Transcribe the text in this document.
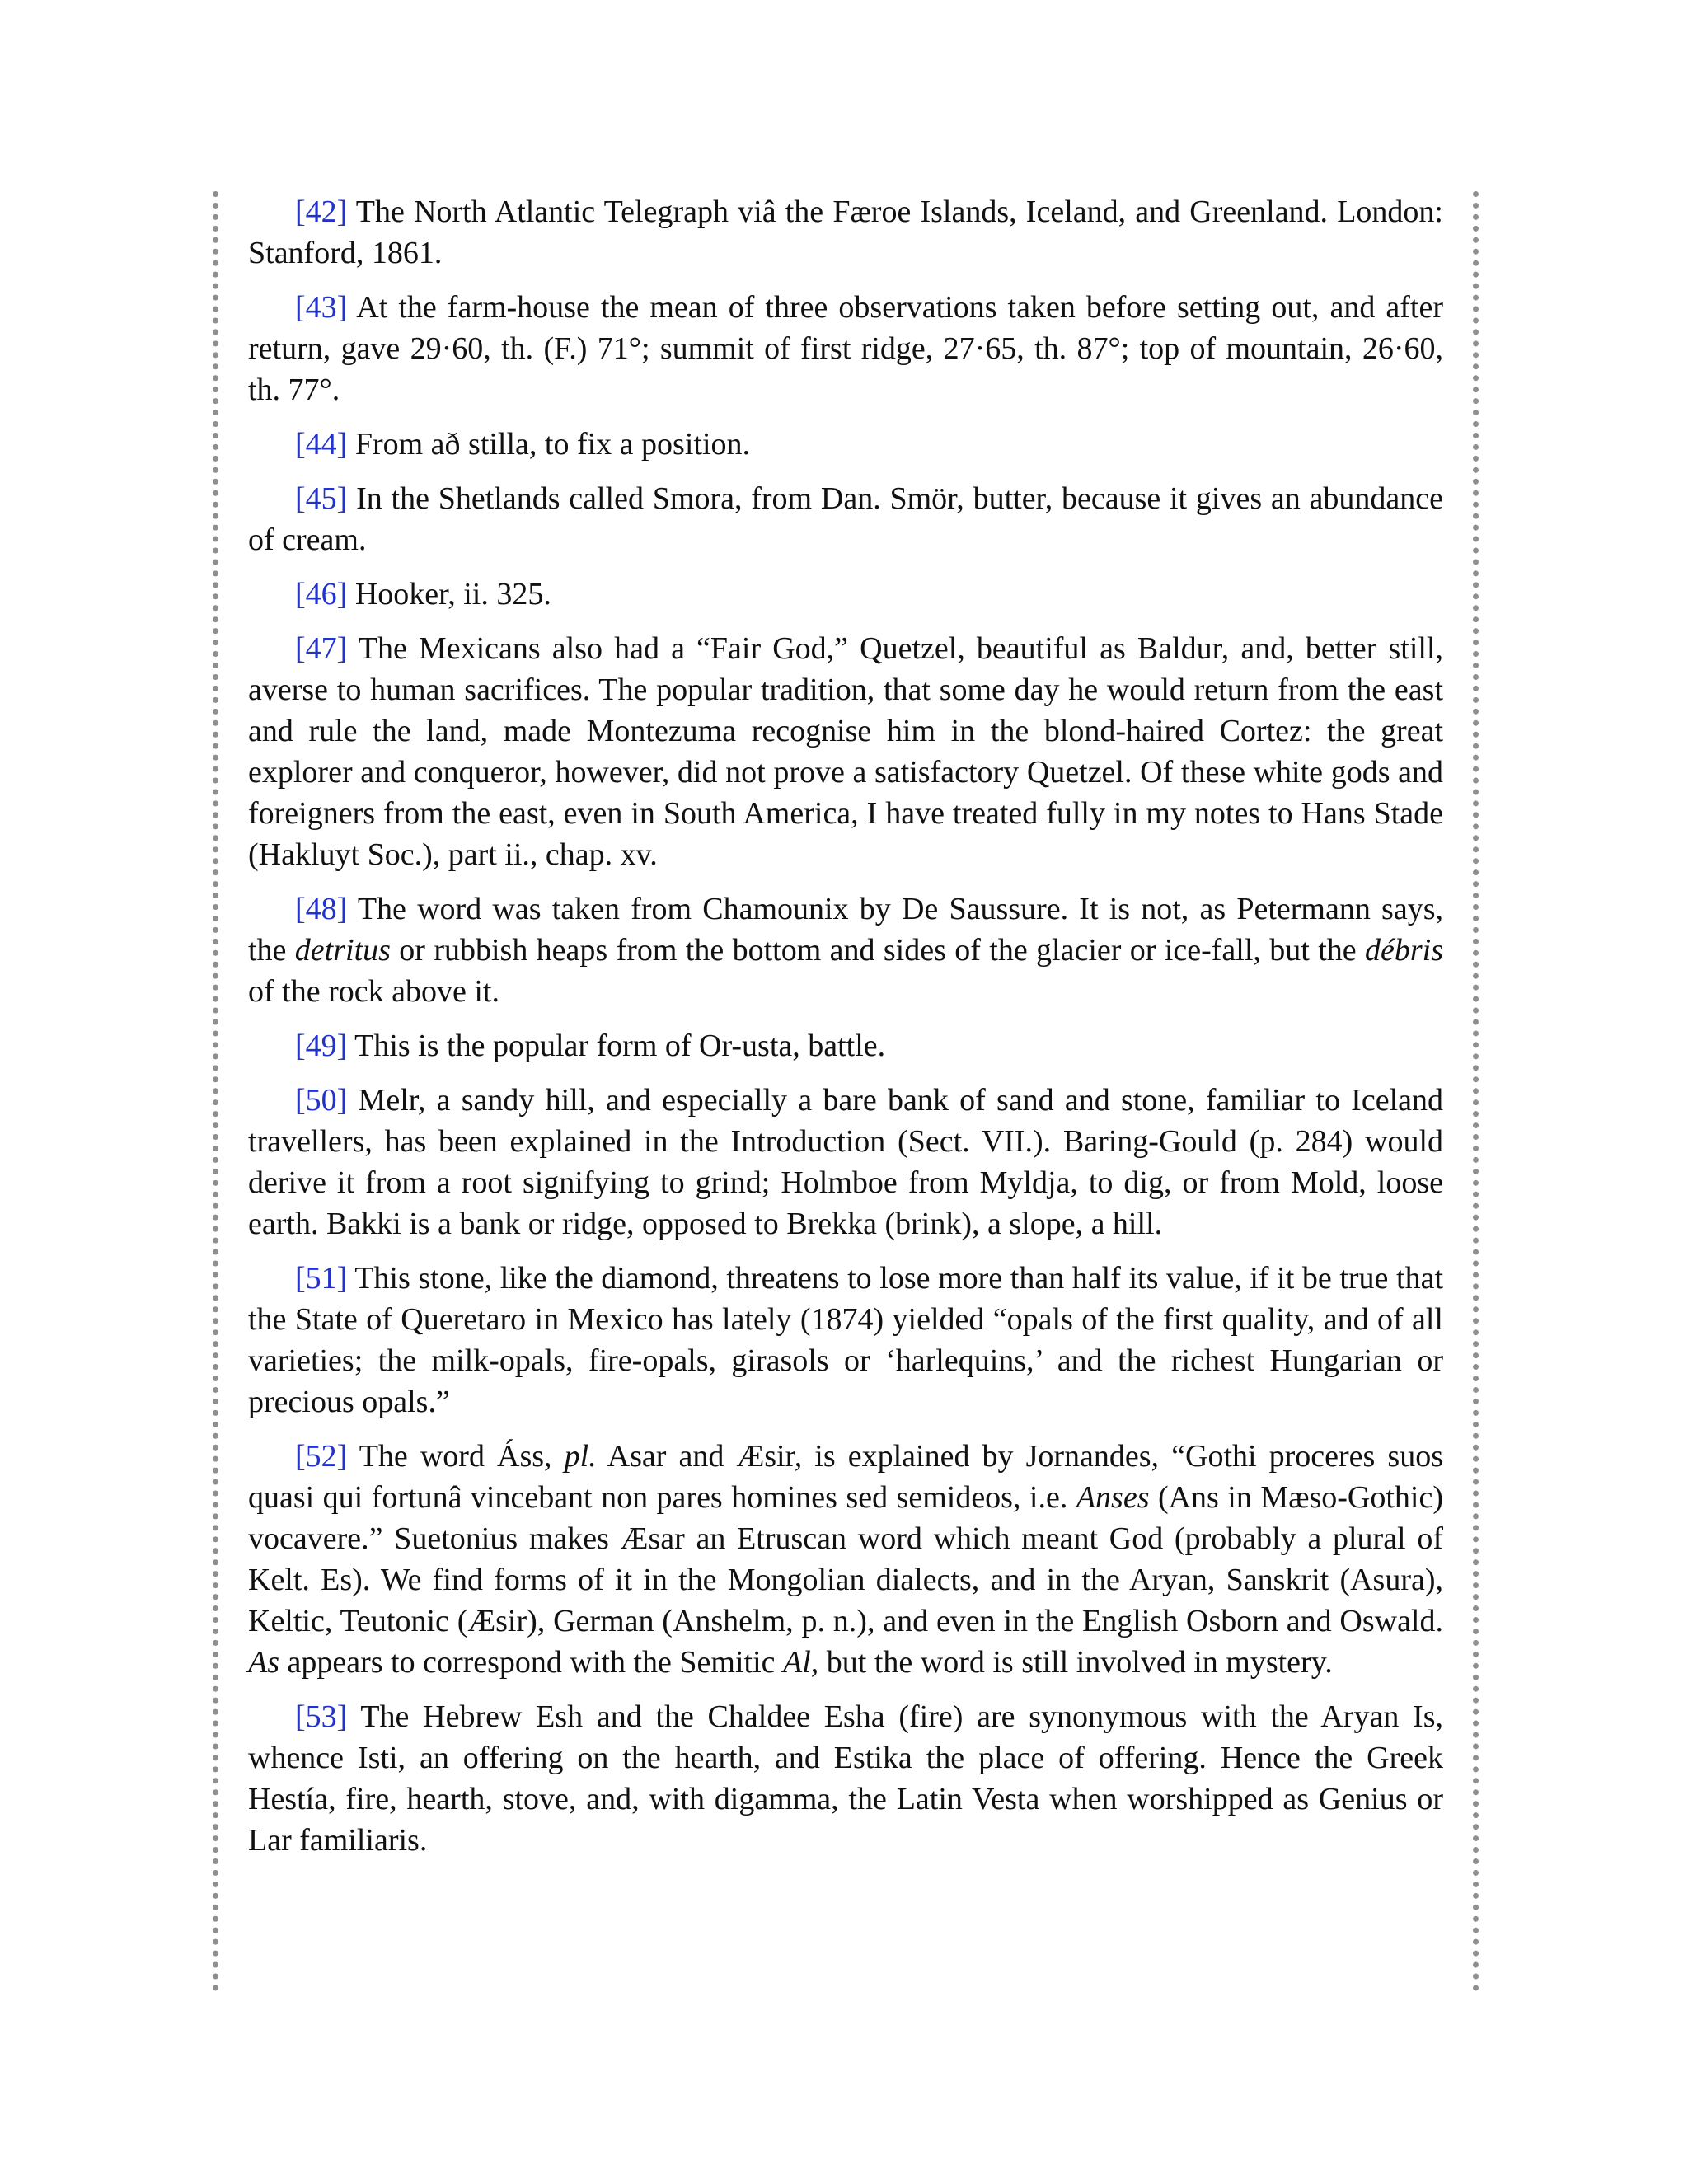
[42] The North Atlantic Telegraph viâ the Færoe Islands, Iceland, and Greenland. London: Stanford, 1861.

[43] At the farm-house the mean of three observations taken before setting out, and after return, gave 29·60, th. (F.) 71°; summit of first ridge, 27·65, th. 87°; top of mountain, 26·60, th. 77°.

[44] From að stilla, to fix a position.

[45] In the Shetlands called Smora, from Dan. Smör, butter, because it gives an abundance of cream.

[46] Hooker, ii. 325.

[47] The Mexicans also had a “Fair God,” Quetzel, beautiful as Baldur, and, better still, averse to human sacrifices. The popular tradition, that some day he would return from the east and rule the land, made Montezuma recognise him in the blond-haired Cortez: the great explorer and conqueror, however, did not prove a satisfactory Quetzel. Of these white gods and foreigners from the east, even in South America, I have treated fully in my notes to Hans Stade (Hakluyt Soc.), part ii., chap. xv.

[48] The word was taken from Chamounix by De Saussure. It is not, as Petermann says, the detritus or rubbish heaps from the bottom and sides of the glacier or ice-fall, but the débris of the rock above it.

[49] This is the popular form of Or-usta, battle.

[50] Melr, a sandy hill, and especially a bare bank of sand and stone, familiar to Iceland travellers, has been explained in the Introduction (Sect. VII.). Baring-Gould (p. 284) would derive it from a root signifying to grind; Holmboe from Myldja, to dig, or from Mold, loose earth. Bakki is a bank or ridge, opposed to Brekka (brink), a slope, a hill.

[51] This stone, like the diamond, threatens to lose more than half its value, if it be true that the State of Queretaro in Mexico has lately (1874) yielded “opals of the first quality, and of all varieties; the milk-opals, fire-opals, girasols or ‘harlequins,’ and the richest Hungarian or precious opals.”

[52] The word Áss, pl. Asar and Æsir, is explained by Jornandes, “Gothi proceres suos quasi qui fortunâ vincebant non pares homines sed semideos, i.e. Anses (Ans in Mæso-Gothic) vocavere.” Suetonius makes Æsar an Etruscan word which meant God (probably a plural of Kelt. Es). We find forms of it in the Mongolian dialects, and in the Aryan, Sanskrit (Asura), Keltic, Teutonic (Æsir), German (Anshelm, p. n.), and even in the English Osborn and Oswald. As appears to correspond with the Semitic Al, but the word is still involved in mystery.

[53] The Hebrew Esh and the Chaldee Esha (fire) are synonymous with the Aryan Is, whence Isti, an offering on the hearth, and Estika the place of offering. Hence the Greek Hestía, fire, hearth, stove, and, with digamma, the Latin Vesta when worshipped as Genius or Lar familiaris.
